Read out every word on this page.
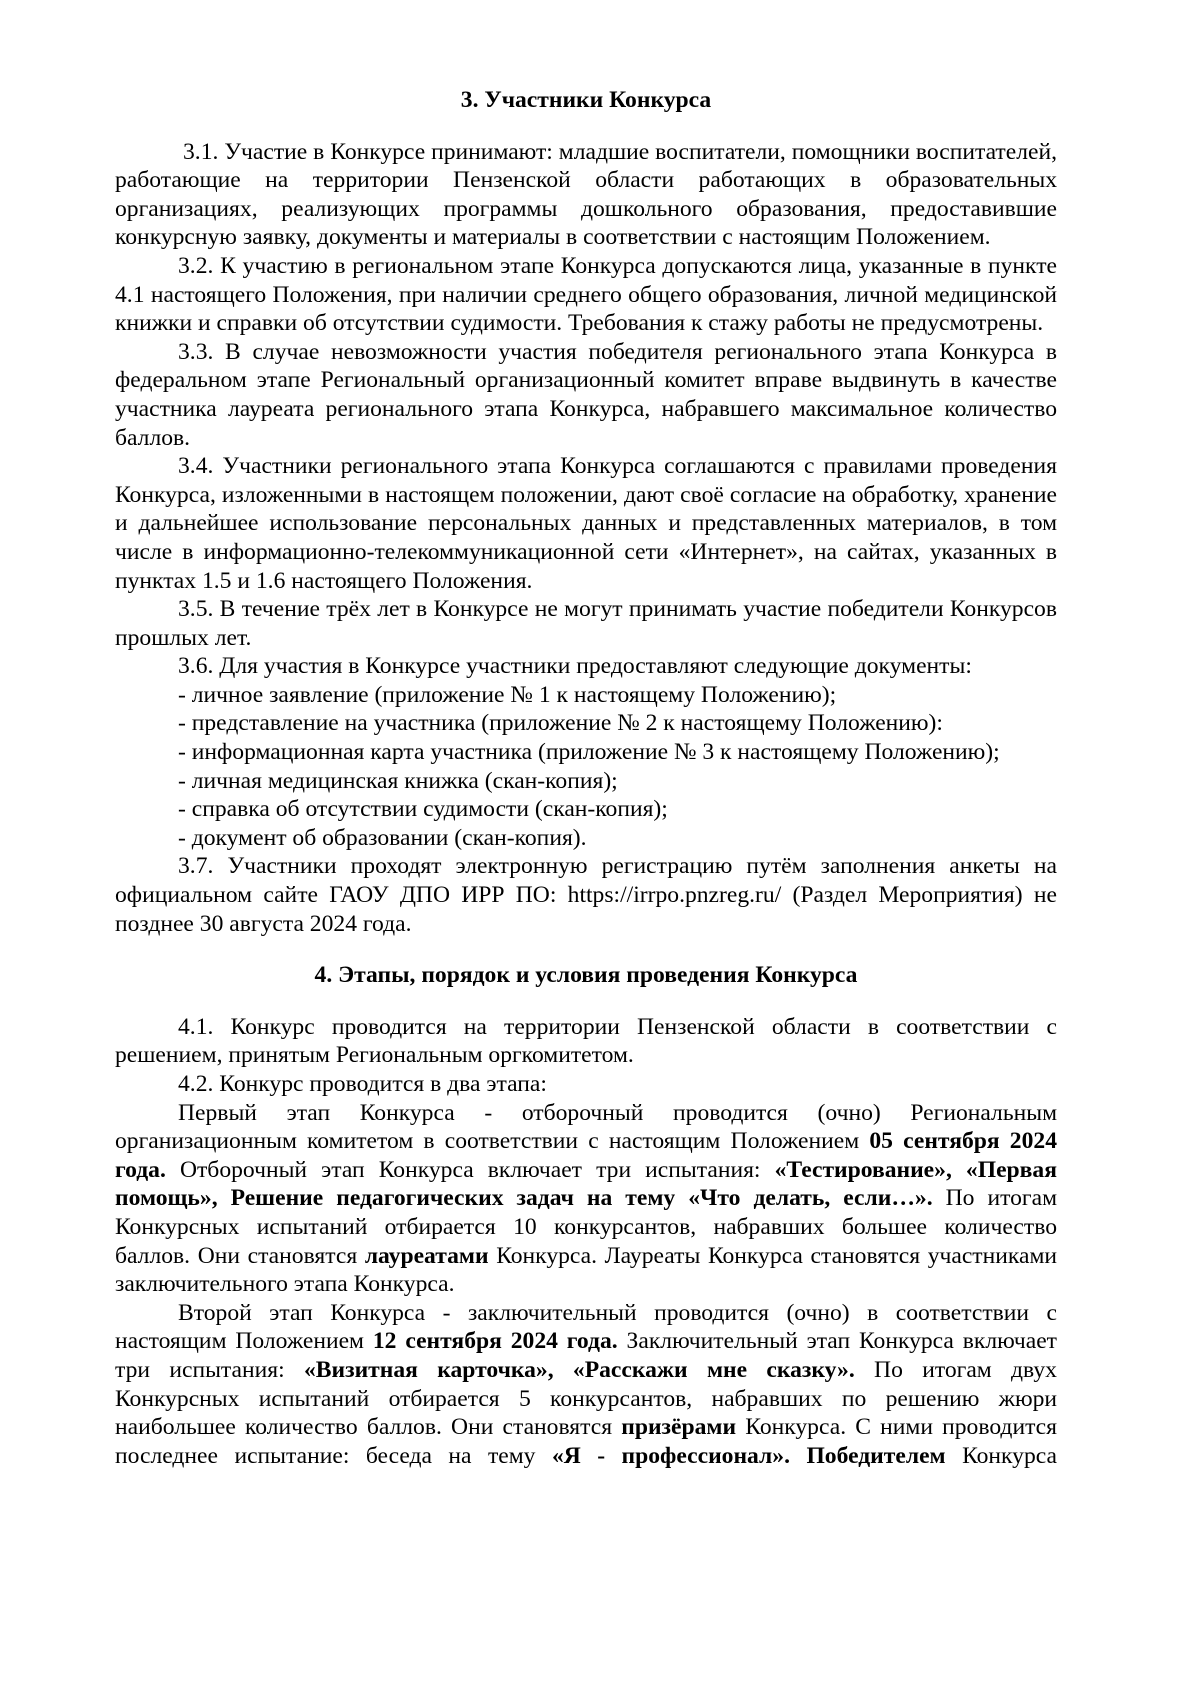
3. Участники Конкурса

3.1. Участие в Конкурсе принимают: младшие воспитатели, помощники воспитателей, работающие на территории Пензенской области работающих в образовательных организациях, реализующих программы дошкольного образования, предоставившие конкурсную заявку, документы и материалы в соответствии с настоящим Положением.

3.2. К участию в региональном этапе Конкурса допускаются лица, указанные в пункте 4.1 настоящего Положения, при наличии среднего общего образования, личной медицинской книжки и справки об отсутствии судимости. Требования к стажу работы не предусмотрены.

3.3. В случае невозможности участия победителя регионального этапа Конкурса в федеральном этапе Региональный организационный комитет вправе выдвинуть в качестве участника лауреата регионального этапа Конкурса, набравшего максимальное количество баллов.

3.4. Участники регионального этапа Конкурса соглашаются с правилами проведения Конкурса, изложенными в настоящем положении, дают своё согласие на обработку, хранение и дальнейшее использование персональных данных и представленных материалов, в том числе в информационно-телекоммуникационной сети «Интернет», на сайтах, указанных в пунктах 1.5 и 1.6 настоящего Положения.

3.5. В течение трёх лет в Конкурсе не могут принимать участие победители Конкурсов прошлых лет.

3.6. Для участия в Конкурсе участники предоставляют следующие документы:

- личное заявление (приложение № 1 к настоящему Положению);

- представление на участника (приложение № 2 к настоящему Положению):

- информационная карта участника (приложение № 3 к настоящему Положению);

- личная медицинская книжка (скан-копия);

- справка об отсутствии судимости (скан-копия);

- документ об образовании (скан-копия).

3.7. Участники проходят электронную регистрацию путём заполнения анкеты на официальном сайте ГАОУ ДПО ИРР ПО: https://irrpo.pnzreg.ru/ (Раздел Мероприятия) не позднее 30 августа 2024 года.

4. Этапы, порядок и условия проведения Конкурса

4.1. Конкурс проводится на территории Пензенской области в соответствии с решением, принятым Региональным оргкомитетом.

4.2. Конкурс проводится в два этапа:

Первый этап Конкурса - отборочный проводится (очно) Региональным организационным комитетом в соответствии с настоящим Положением 05 сентября 2024 года. Отборочный этап Конкурса включает три испытания: «Тестирование», «Первая помощь», Решение педагогических задач на тему «Что делать, если…». По итогам Конкурсных испытаний отбирается 10 конкурсантов, набравших большее количество баллов. Они становятся лауреатами Конкурса. Лауреаты Конкурса становятся участниками заключительного этапа Конкурса.

Второй этап Конкурса - заключительный проводится (очно) в соответствии с настоящим Положением 12 сентября 2024 года. Заключительный этап Конкурса включает три испытания: «Визитная карточка», «Расскажи мне сказку». По итогам двух Конкурсных испытаний отбирается 5 конкурсантов, набравших по решению жюри наибольшее количество баллов. Они становятся призёрами Конкурса. С ними проводится последнее испытание: беседа на тему «Я - профессионал». Победителем Конкурса
